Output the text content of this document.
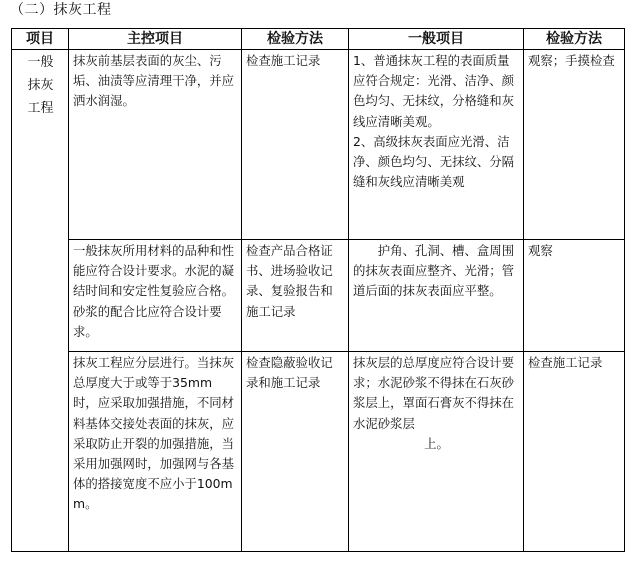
（二）抹灰工程
项目	主控项目	检验方法	一般项目	检验方法

一般
抹灰
工程	抹灰前基层表面的灰尘、污垢、油渍等应清理干净，并应洒水润湿。	检查施工记录	1、普通抹灰工程的表面质量应符合规定：光滑、洁净、颜色均匀、无抹纹，分格缝和灰线应清晰美观。
2、高级抹灰表面应光滑、洁净、颜色均匀、无抹纹、分隔缝和灰线应清晰美观	观察；手摸检查
	一般抹灰所用材料的品种和性能应符合设计要求。水泥的凝结时间和安定性复验应合格。砂浆的配合比应符合设计要求。	检查产品合格证书、进场验收记录、复验报告和施工记录	护角、孔洞、槽、盒周围的抹灰表面应整齐、光滑；管道后面的抹灰表面应平整。	观察
	抹灰工程应分层进行。当抹灰总厚度大于或等于35mm 时，应采取加强措施，不同材料基体交接处表面的抹灰，应采取防止开裂的加强措施，当采用加强网时，加强网与各基体的搭接宽度不应小于100mm。	检查隐蔽验收记录和施工记录	抹灰层的总厚度应符合设计要求；水泥砂浆不得抹在石灰砂浆层上，罩面石膏灰不得抹在水泥砂浆层
上。	检查施工记录
